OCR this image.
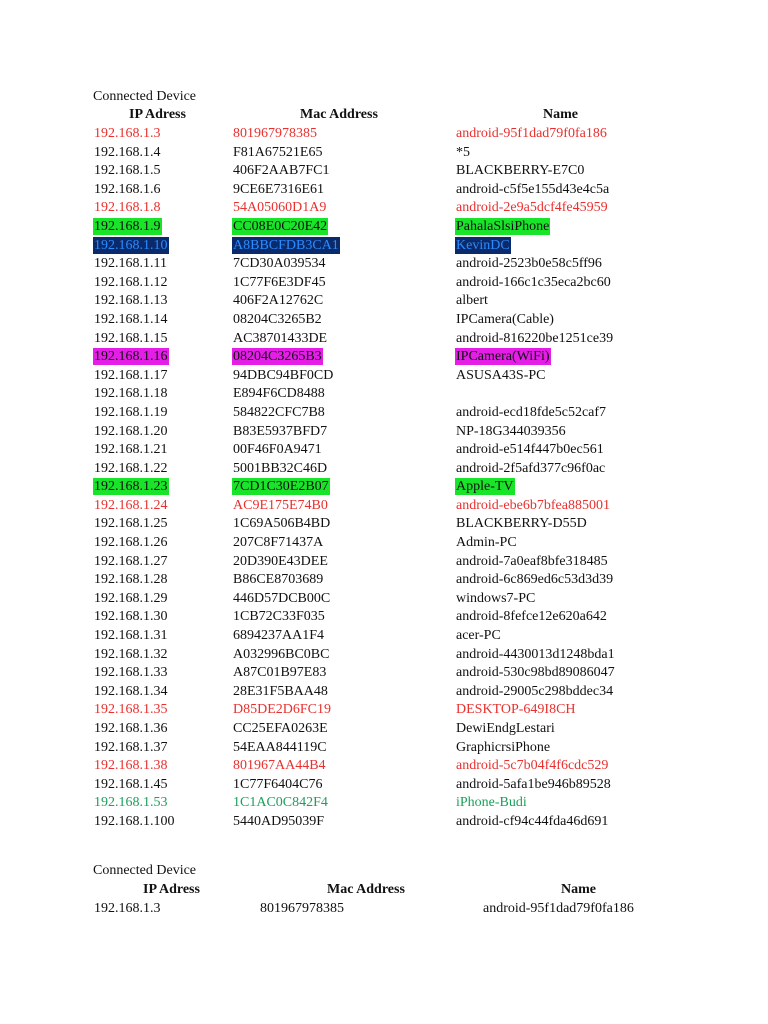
Connected Device
IP Adress	Mac Address	Name
192.168.1.3	801967978385	android-95f1dad79f0fa186
192.168.1.4	F81A67521E65	*5
192.168.1.5	406F2AAB7FC1	BLACKBERRY-E7C0
192.168.1.6	9CE6E7316E61	android-c5f5e155d43e4c5a
192.168.1.8	54A05060D1A9	android-2e9a5dcf4fe45959
192.168.1.9	CC08E0C20E42	PahalaSlsiPhone
192.168.1.10	A8BBCFDB3CA1	KevinDC
192.168.1.11	7CD30A039534	android-2523b0e58c5ff96
192.168.1.12	1C77F6E3DF45	android-166c1c35eca2bc60
192.168.1.13	406F2A12762C	albert
192.168.1.14	08204C3265B2	IPCamera(Cable)
192.168.1.15	AC38701433DE	android-816220be1251ce39
192.168.1.16	08204C3265B3	IPCamera(WiFi)
192.168.1.17	94DBC94BF0CD	ASUSA43S-PC
192.168.1.18	E894F6CD8488
192.168.1.19	584822CFC7B8	android-ecd18fde5c52caf7
192.168.1.20	B83E5937BFD7	NP-18G344039356
192.168.1.21	00F46F0A9471	android-e514f447b0ec561
192.168.1.22	5001BB32C46D	android-2f5afd377c96f0ac
192.168.1.23	7CD1C30E2B07	Apple-TV
192.168.1.24	AC9E175E74B0	android-ebe6b7bfea885001
192.168.1.25	1C69A506B4BD	BLACKBERRY-D55D
192.168.1.26	207C8F71437A	Admin-PC
192.168.1.27	20D390E43DEE	android-7a0eaf8bfe318485
192.168.1.28	B86CE8703689	android-6c869ed6c53d3d39
192.168.1.29	446D57DCB00C	windows7-PC
192.168.1.30	1CB72C33F035	android-8fefce12e620a642
192.168.1.31	6894237AA1F4	acer-PC
192.168.1.32	A032996BC0BC	android-4430013d1248bda1
192.168.1.33	A87C01B97E83	android-530c98bd89086047
192.168.1.34	28E31F5BAA48	android-29005c298bddec34
192.168.1.35	D85DE2D6FC19	DESKTOP-649I8CH
192.168.1.36	CC25EFA0263E	DewiEndgLestari
192.168.1.37	54EAA844119C	GraphicrsiPhone
192.168.1.38	801967AA44B4	android-5c7b04f4f6cdc529
192.168.1.45	1C77F6404C76	android-5afa1be946b89528
192.168.1.53	1C1AC0C842F4	iPhone-Budi
192.168.1.100	5440AD95039F	android-cf94c44fda46d691
Connected Device
IP Adress	Mac Address	Name
192.168.1.3	801967978385	android-95f1dad79f0fa186
